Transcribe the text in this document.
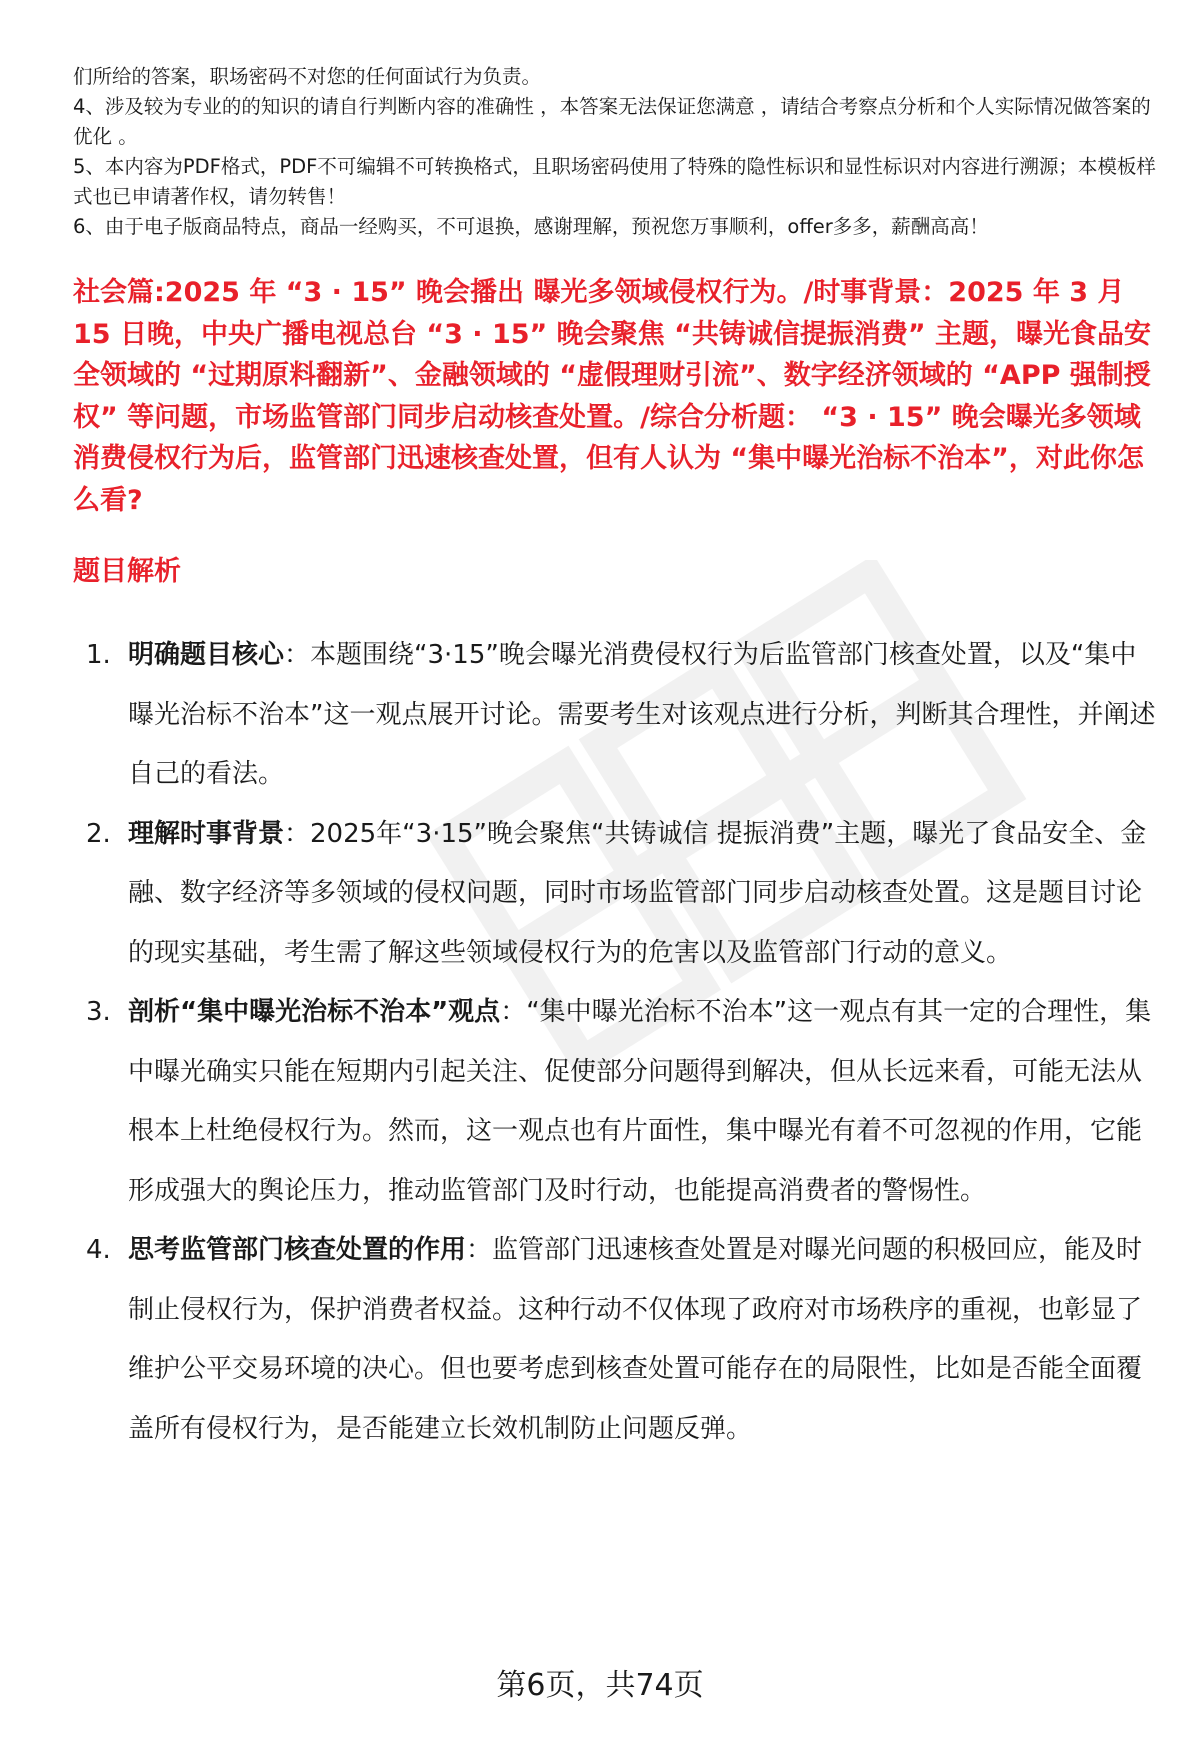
们所给的答案，职场密码不对您的任何面试行为负责。

4、涉及较为专业的的知识的请自行判断内容的准确性 ，本答案无法保证您满意 ，请结合考察点分析和个人实际情况做答案的优化 。

5、本内容为PDF格式，PDF不可编辑不可转换格式，且职场密码使用了特殊的隐性标识和显性标识对内容进行溯源；本模板样式也已申请著作权，请勿转售！

6、由于电子版商品特点，商品一经购买，不可退换，感谢理解，预祝您万事顺利，offer多多，薪酬高高！

社会篇:2025 年 “3 · 15” 晚会播出 曝光多领域侵权行为。/时事背景：2025 年 3 月 15 日晚，中央广播电视总台 “3 · 15” 晚会聚焦 “共铸诚信提振消费” 主题，曝光食品安全领域的 “过期原料翻新”、金融领域的 “虚假理财引流”、数字经济领域的 “APP 强制授权” 等问题，市场监管部门同步启动核查处置。/综合分析题： “3 · 15” 晚会曝光多领域消费侵权行为后，监管部门迅速核查处置，但有人认为 “集中曝光治标不治本”，对此你怎么看?
题目解析
1. 明确题目核心：本题围绕“3·15”晚会曝光消费侵权行为后监管部门核查处置，以及“集中曝光治标不治本”这一观点展开讨论。需要考生对该观点进行分析，判断其合理性，并阐述自己的看法。
2. 理解时事背景：2025年“3·15”晚会聚焦“共铸诚信 提振消费”主题，曝光了食品安全、金融、数字经济等多领域的侵权问题，同时市场监管部门同步启动核查处置。这是题目讨论的现实基础，考生需了解这些领域侵权行为的危害以及监管部门行动的意义。
3. 剖析“集中曝光治标不治本”观点：“集中曝光治标不治本”这一观点有其一定的合理性，集中曝光确实只能在短期内引起关注、促使部分问题得到解决，但从长远来看，可能无法从根本上杜绝侵权行为。然而，这一观点也有片面性，集中曝光有着不可忽视的作用，它能形成强大的舆论压力，推动监管部门及时行动，也能提高消费者的警惕性。
4. 思考监管部门核查处置的作用：监管部门迅速核查处置是对曝光问题的积极回应，能及时制止侵权行为，保护消费者权益。这种行动不仅体现了政府对市场秩序的重视，也彰显了维护公平交易环境的决心。但也要考虑到核查处置可能存在的局限性，比如是否能全面覆盖所有侵权行为，是否能建立长效机制防止问题反弹。
第6页，共74页
